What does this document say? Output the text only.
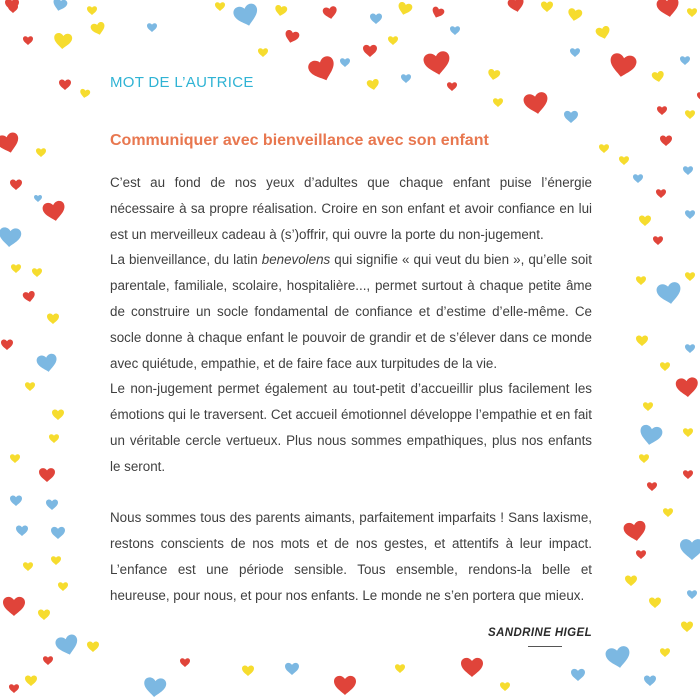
MOT DE L’AUTRICE
Communiquer avec bienveillance avec son enfant

C’est au fond de nos yeux d’adultes que chaque enfant puise l’énergie nécessaire à sa propre réalisation. Croire en son enfant et avoir confiance en lui est un merveilleux cadeau à (s’)offrir, qui ouvre la porte du non-jugement.

La bienveillance, du latin benevolens qui signifie « qui veut du bien », qu’elle soit parentale, familiale, scolaire, hospitalière..., permet surtout à chaque petite âme de construire un socle fondamental de confiance et d’estime d’elle-même. Ce socle donne à chaque enfant le pouvoir de grandir et de s’élever dans ce monde avec quiétude, empathie, et de faire face aux turpitudes de la vie.

Le non-jugement permet également au tout-petit d’accueillir plus facilement les émotions qui le traversent. Cet accueil émotionnel développe l’empathie et en fait un véritable cercle vertueux. Plus nous sommes empathiques, plus nos enfants le seront.

Nous sommes tous des parents aimants, parfaitement imparfaits ! Sans laxisme, restons conscients de nos mots et de nos gestes, et attentifs à leur impact. L’enfance est une période sensible. Tous ensemble, rendons-la belle et heureuse, pour nous, et pour nos enfants. Le monde ne s’en portera que mieux.

SANDRINE HIGEL
